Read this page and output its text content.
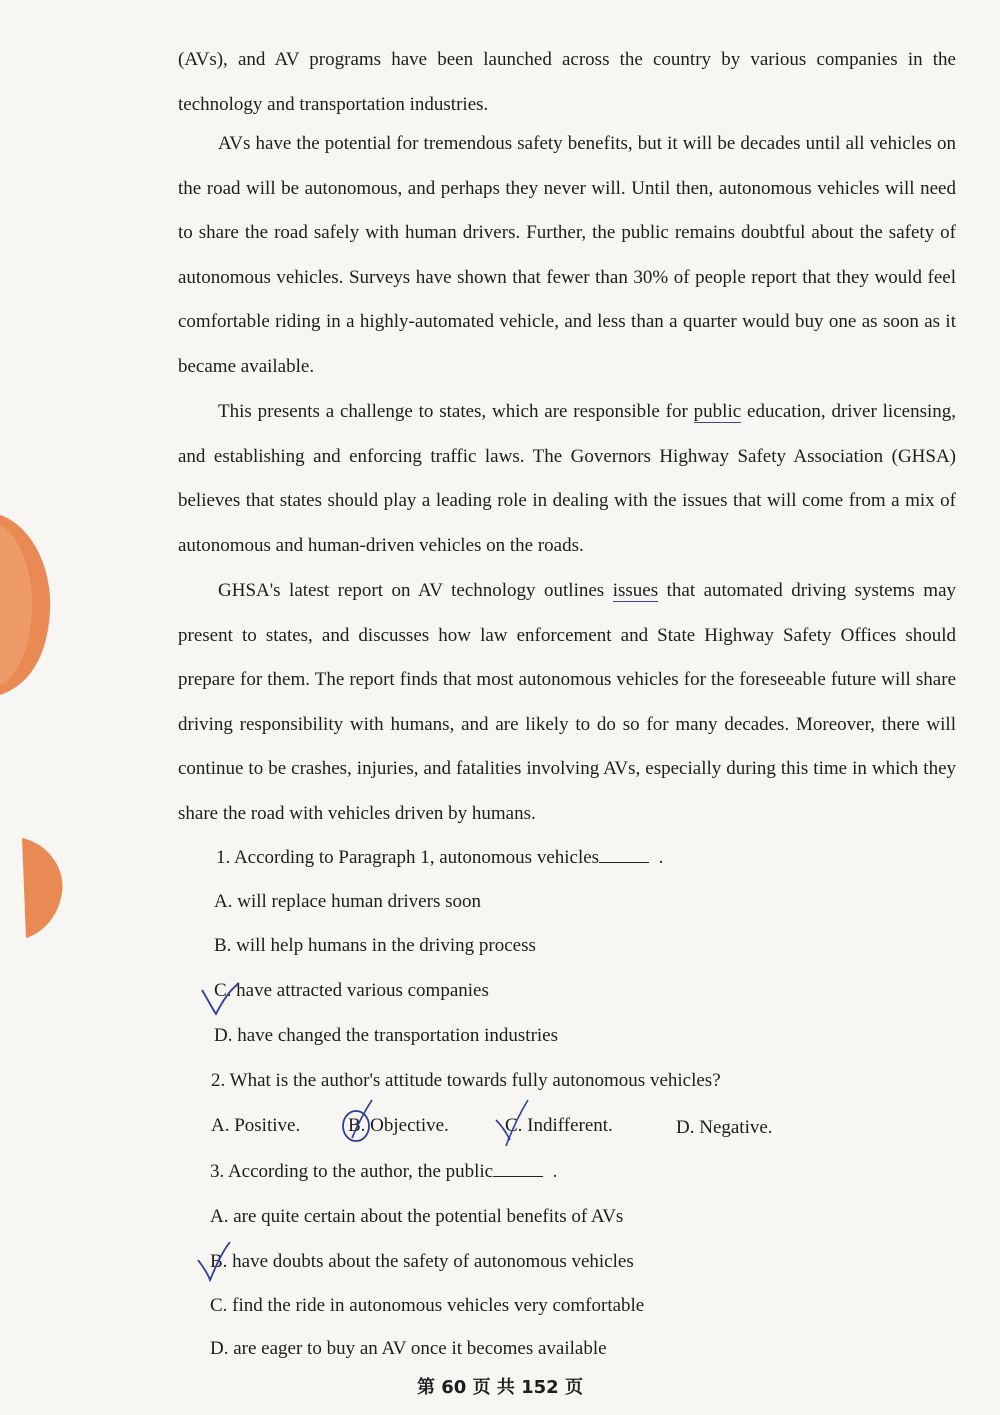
(AVs), and AV programs have been launched across the country by various companies in the technology and transportation industries.

AVs have the potential for tremendous safety benefits, but it will be decades until all vehicles on the road will be autonomous, and perhaps they never will. Until then, autonomous vehicles will need to share the road safely with human drivers. Further, the public remains doubtful about the safety of autonomous vehicles. Surveys have shown that fewer than 30% of people report that they would feel comfortable riding in a highly-automated vehicle, and less than a quarter would buy one as soon as it became available.

This presents a challenge to states, which are responsible for public education, driver licensing, and establishing and enforcing traffic laws. The Governors Highway Safety Association (GHSA) believes that states should play a leading role in dealing with the issues that will come from a mix of autonomous and human-driven vehicles on the roads.

GHSA's latest report on AV technology outlines issues that automated driving systems may present to states, and discusses how law enforcement and State Highway Safety Offices should prepare for them. The report finds that most autonomous vehicles for the foreseeable future will share driving responsibility with humans, and are likely to do so for many decades. Moreover, there will continue to be crashes, injuries, and fatalities involving AVs, especially during this time in which they share the road with vehicles driven by humans.

1. According to Paragraph 1, autonomous vehicles	.
A. will replace human drivers soon
B. will help humans in the driving process
C. have attracted various companies
D. have changed the transportation industries
2. What is the author's attitude towards fully autonomous vehicles?
A. Positive.	B. Objective.	C. Indifferent.	D. Negative.
3. According to the author, the public	.
A. are quite certain about the potential benefits of AVs
B. have doubts about the safety of autonomous vehicles
C. find the ride in autonomous vehicles very comfortable
D. are eager to buy an AV once it becomes available
第 60 页 共 152 页
